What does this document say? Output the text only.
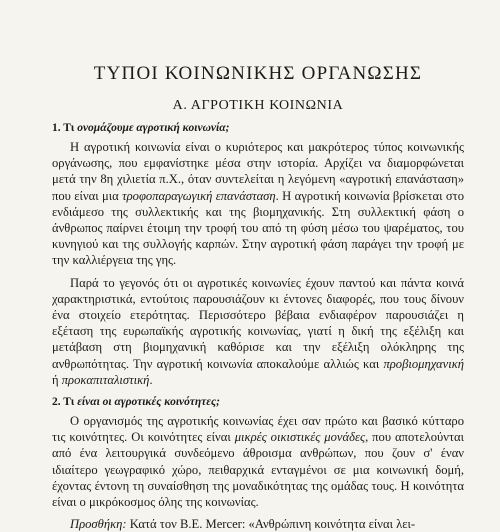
ΤΥΠΟΙ ΚΟΙΝΩΝΙΚΗΣ ΟΡΓΑΝΩΣΗΣ
Α. ΑΓΡΟΤΙΚΗ ΚΟΙΝΩΝΙΑ
1. Τι ονομάζουμε αγροτική κοινωνία;

Η αγροτική κοινωνία είναι ο κυριότερος και μακρότερος τύπος κοινωνικής οργάνωσης, που εμφανίστηκε μέσα στην ιστορία. Αρχίζει να διαμορφώνεται μετά την 8η χιλιετία π.Χ., όταν συντελείται η λεγόμενη «αγροτική επανάσταση» που είναι μια τροφοπαραγωγική επανάσταση. Η αγροτική κοινωνία βρίσκεται στο ενδιάμεσο της συλλεκτικής και της βιομηχανικής. Στη συλλεκτική φάση ο άνθρωπος παίρνει έτοιμη την τροφή του από τη φύση μέσω του ψαρέματος, του κυνηγιού και της συλλογής καρπών. Στην αγροτική φάση παράγει την τροφή με την καλλιέργεια της γης.

Παρά το γεγονός ότι οι αγροτικές κοινωνίες έχουν παντού και πάντα κοινά χαρακτηριστικά, εντούτοις παρουσιάζουν κι έντονες διαφορές, που τους δίνουν ένα στοιχείο ετερότητας. Περισσότερο βέβαια ενδιαφέρον παρουσιάζει η εξέταση της ευρωπαϊκής αγροτικής κοινωνίας, γιατί η δική της εξέλιξη και μετάβαση στη βιομηχανική καθόρισε και την εξέλιξη ολόκληρης της ανθρωπότητας. Την αγροτική κοινωνία αποκαλούμε αλλιώς και προβιομηχανική ή προκαπιταλιστική.

2. Τι είναι οι αγροτικές κοινότητες;

Ο οργανισμός της αγροτικής κοινωνίας έχει σαν πρώτο και βασικό κύτταρο τις κοινότητες. Οι κοινότητες είναι μικρές οικιστικές μονάδες, που αποτελούνται από ένα λειτουργικά συνδεόμενο άθροισμα ανθρώπων, που ζουν σ' έναν ιδιαίτερο γεωγραφικό χώρο, πειθαρχικά ενταγμένοι σε μια κοινωνική δομή, έχοντας έντονη τη συναίσθηση της μοναδικότητας της ομάδας τους. Η κοινότητα είναι ο μικρόκοσμος όλης της κοινωνίας.

Προσθήκη: Κατά τον B.E. Mercer: «Ανθρώπινη κοινότητα είναι λει-
